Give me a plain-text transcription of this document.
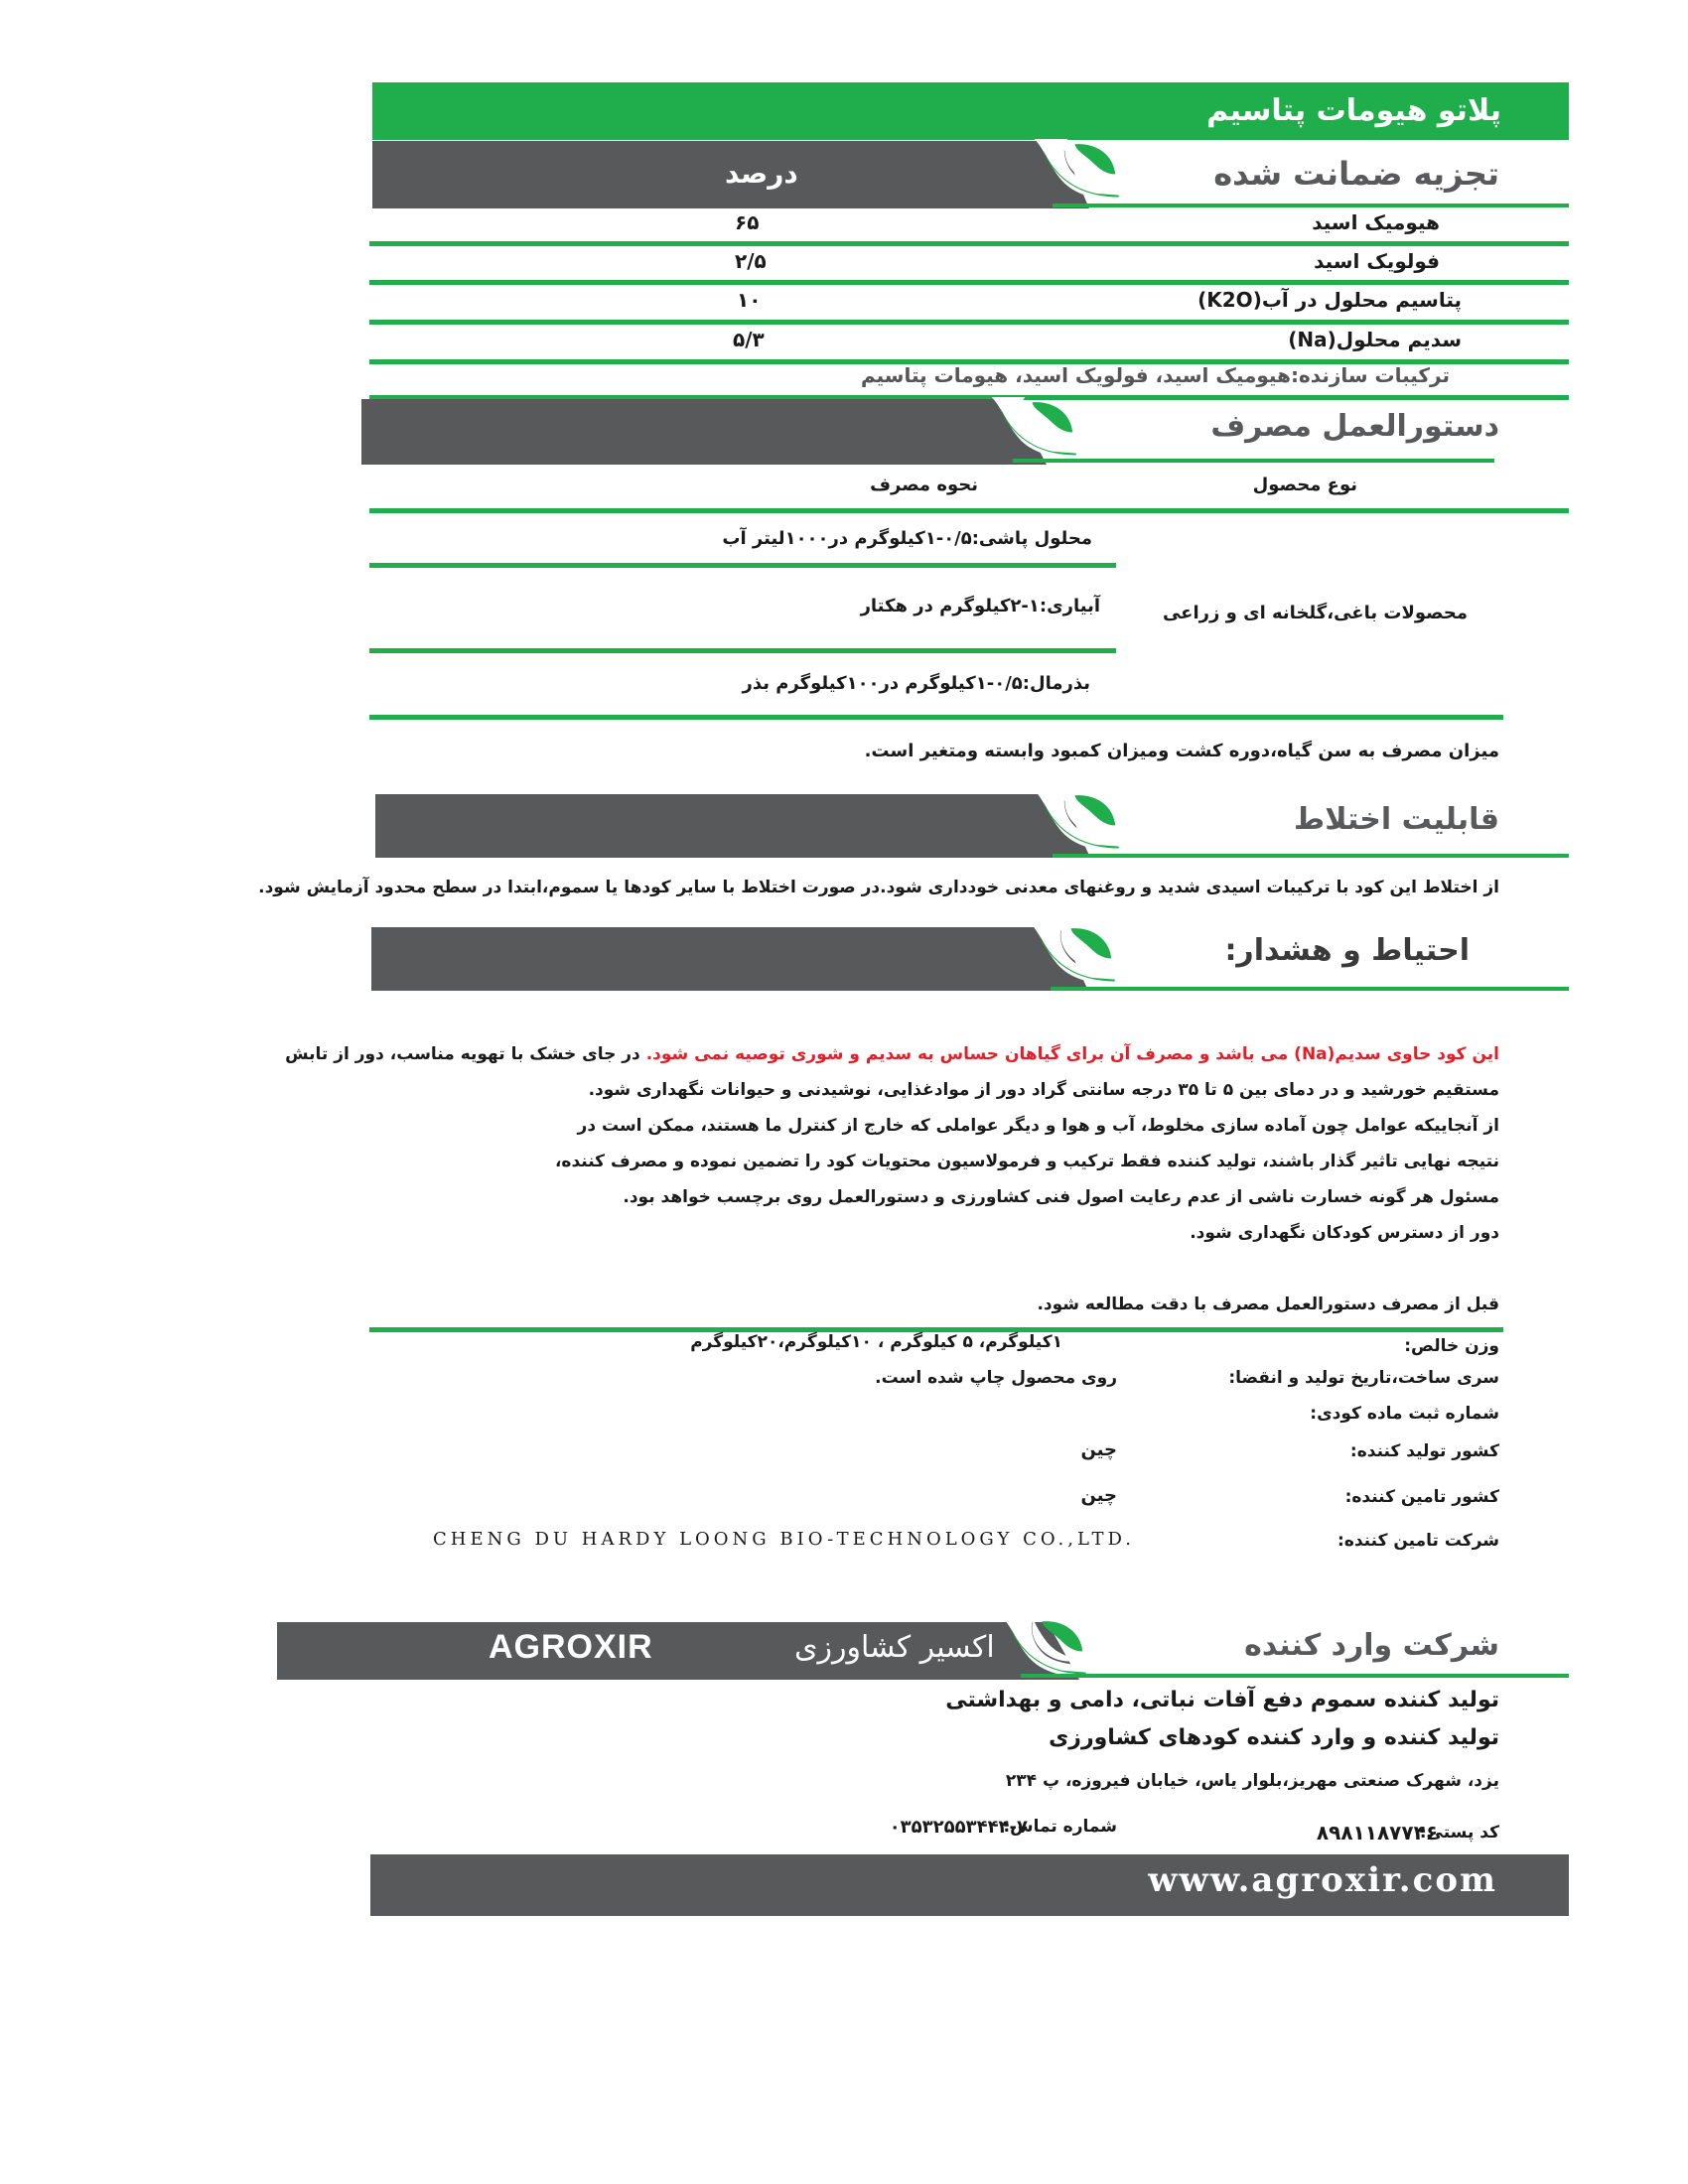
پلاتو هیومات پتاسیم
تجزیه ضمانت شده
درصد
هیومیک اسید
۶۵
فولویک اسید
۲/۵
پتاسیم محلول در آب(K2O)
۱۰
سدیم محلول(Na)
۵/۳
ترکیبات سازنده:هیومیک اسید، فولویک اسید، هیومات پتاسیم
دستورالعمل مصرف
نوع محصول
نحوه مصرف
محلول پاشی:۰/۵-۱کیلوگرم در۱۰۰۰لیتر آب
آبیاری:۱-۲کیلوگرم در هکتار	محصولات باغی،گلخانه ای و زراعی
بذرمال:۰/۵-۱کیلوگرم در۱۰۰کیلوگرم بذر
میزان مصرف به سن گیاه،دوره کشت ومیزان کمبود وابسته ومتغیر است.
قابلیت اختلاط
از اختلاط این کود با ترکیبات اسیدی شدید و روغنهای معدنی خودداری شود.در صورت اختلاط با سایر کودها یا سموم،ابتدا در سطح محدود آزمایش شود.
احتیاط و هشدار:
این کود حاوی سدیم(Na) می باشد و مصرف آن برای گیاهان حساس به سدیم و شوری توصیه نمی شود. در جای خشک با تهویه مناسب، دور از تابش
مستقیم خورشید و در دمای بین ۵ تا ۳۵ درجه سانتی گراد دور از موادغذایی، نوشیدنی و حیوانات نگهداری شود.
از آنجاییکه عوامل چون آماده سازی مخلوط، آب و هوا و دیگر عواملی که خارج از کنترل ما هستند، ممکن است در
نتیجه نهایی تاثیر گذار باشند، تولید کننده فقط ترکیب و فرمولاسیون محتویات کود را تضمین نموده و مصرف کننده،
مسئول هر گونه خسارت ناشی از عدم رعایت اصول فنی کشاورزی و دستورالعمل روی برچسب خواهد بود.
دور از دسترس کودکان نگهداری شود.
قبل از مصرف دستورالعمل مصرف با دقت مطالعه شود.
وزن خالص:
۱کیلوگرم، ۵ کیلوگرم ، ۱۰کیلوگرم،۲۰کیلوگرم
سری ساخت،تاریخ تولید و انقضا:
روی محصول چاپ شده است.
شماره ثبت ماده کودی:
کشور تولید کننده:
چین
کشور تامین کننده:
چین
شرکت تامین کننده:
CHENG DU HARDY LOONG BIO-TECHNOLOGY CO.,LTD.
شرکت وارد کننده
اکسیر کشاورزی
AGROXIR
تولید کننده سموم دفع آفات نباتی، دامی و بهداشتی
تولید کننده و وارد کننده کودهای کشاورزی
یزد، شهرک صنعتی مهریز،بلوار یاس، خیابان فیروزه، پ ۲۳۴
کد پستی:
۸۹۸۱۱۸۷۷۴۶
شماره تماس:
۰۳۵۳۲۵۵۳۴۴۴-۷
www.agroxir.com
